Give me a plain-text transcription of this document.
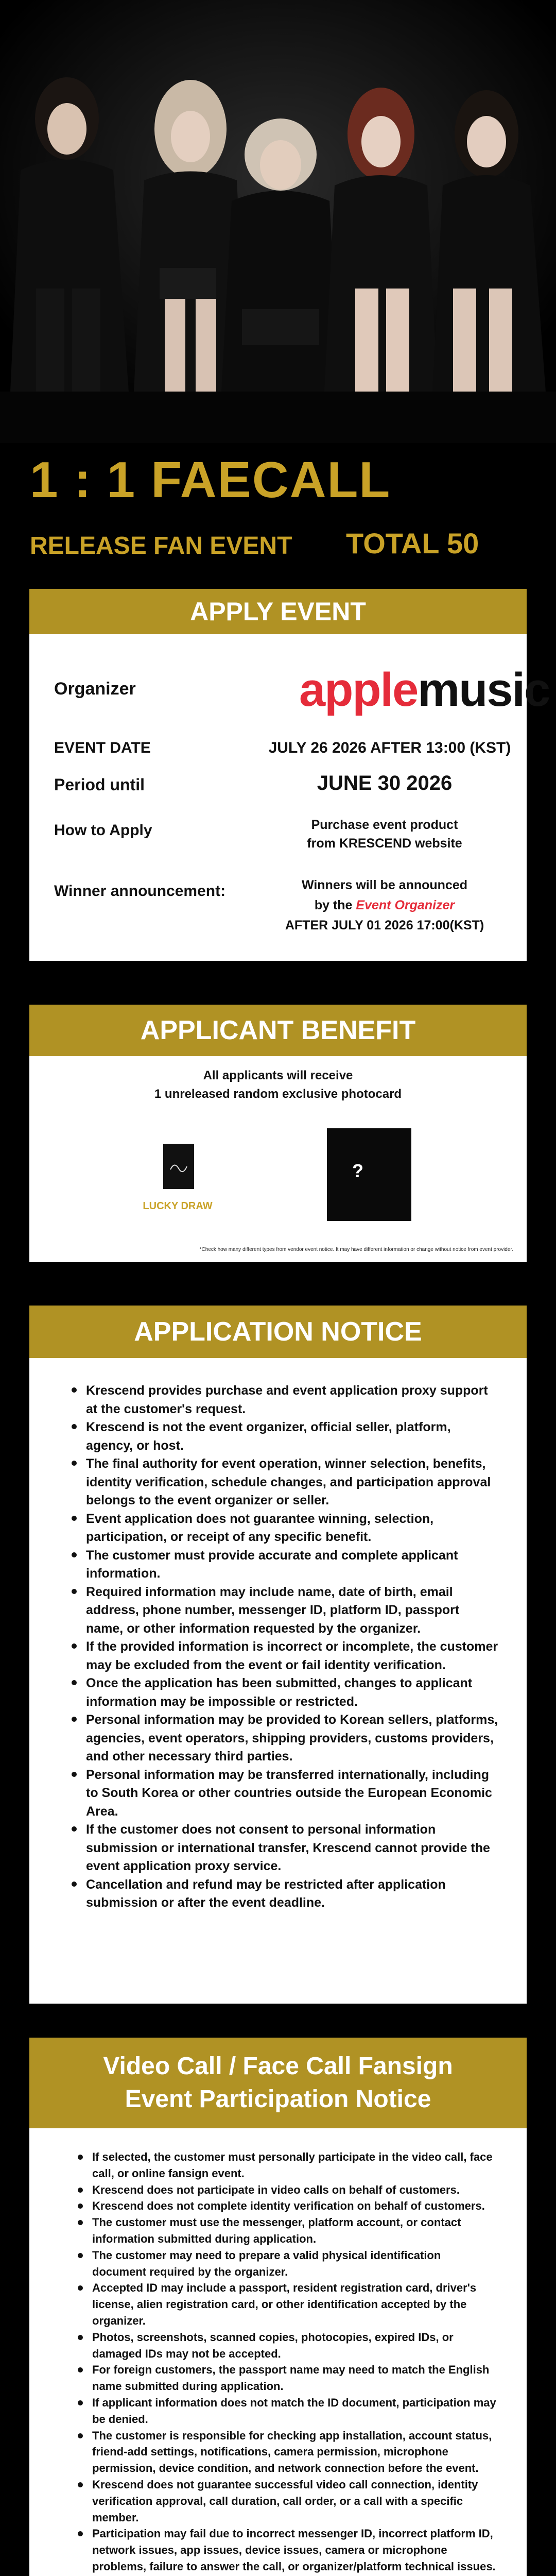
1 : 1 FAECALL
RELEASE FAN EVENT TOTAL 50
APPLY EVENT
Organizer	applemusic
EVENT DATE	JULY 26 2026 AFTER 13:00 (KST)
Period until	JUNE 30 2026
How to Apply	Purchase event product
from KRESCEND website
Winner announcement:	Winners will be announced
by the Event Organizer
AFTER JULY 01 2026 17:00(KST)
APPLICANT BENEFIT
All applicants will receive
1 unreleased random exclusive photocard
LUCKY DRAW
?
*Check how many different types from vendor event notice. It may have different information or change without notice from event provider.
APPLICATION NOTICE
Krescend provides purchase and event application proxy support at the customer's request.
Krescend is not the event organizer, official seller, platform, agency, or host.
The final authority for event operation, winner selection, benefits, identity verification, schedule changes, and participation approval belongs to the event organizer or seller.
Event application does not guarantee winning, selection, participation, or receipt of any specific benefit.
The customer must provide accurate and complete applicant information.
Required information may include name, date of birth, email address, phone number, messenger ID, platform ID, passport name, or other information requested by the organizer.
If the provided information is incorrect or incomplete, the customer may be excluded from the event or fail identity verification.
Once the application has been submitted, changes to applicant information may be impossible or restricted.
Personal information may be provided to Korean sellers, platforms, agencies, event operators, shipping providers, customs providers, and other necessary third parties.
Personal information may be transferred internationally, including to South Korea or other countries outside the European Economic Area.
If the customer does not consent to personal information submission or international transfer, Krescend cannot provide the event application proxy service.
Cancellation and refund may be restricted after application submission or after the event deadline.
Video Call / Face Call Fansign
Event Participation Notice
If selected, the customer must personally participate in the video call, face call, or online fansign event.
Krescend does not participate in video calls on behalf of customers.
Krescend does not complete identity verification on behalf of customers.
The customer must use the messenger, platform account, or contact information submitted during application.
The customer may need to prepare a valid physical identification document required by the organizer.
Accepted ID may include a passport, resident registration card, driver's license, alien registration card, or other identification accepted by the organizer.
Photos, screenshots, scanned copies, photocopies, expired IDs, or damaged IDs may not be accepted.
For foreign customers, the passport name may need to match the English name submitted during application.
If applicant information does not match the ID document, participation may be denied.
The customer is responsible for checking app installation, account status, friend-add settings, notifications, camera permission, microphone permission, device condition, and network connection before the event.
Krescend does not guarantee successful video call connection, identity verification approval, call duration, call order, or a call with a specific member.
Participation may fail due to incorrect messenger ID, incorrect platform ID, network issues, app issues, device issues, camera or microphone problems, failure to answer the call, or organizer/platform technical issues.
